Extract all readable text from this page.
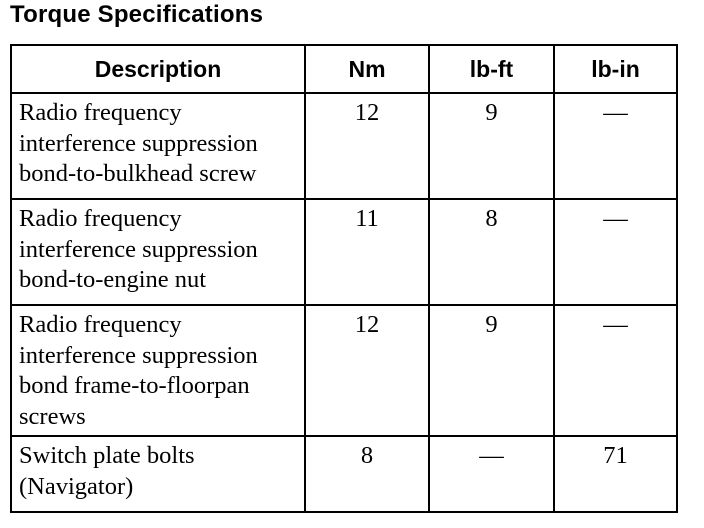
Torque Specifications
Description	Nm	lb-ft	lb-in

Radio frequency
interference suppression
bond-to-bulkhead screw	12	9	—

Radio frequency
interference suppression
bond-to-engine nut	11	8	—

Radio frequency
interference suppression
bond frame-to-floorpan
screws	12	9	—

Switch plate bolts
(Navigator)	8	—	71
